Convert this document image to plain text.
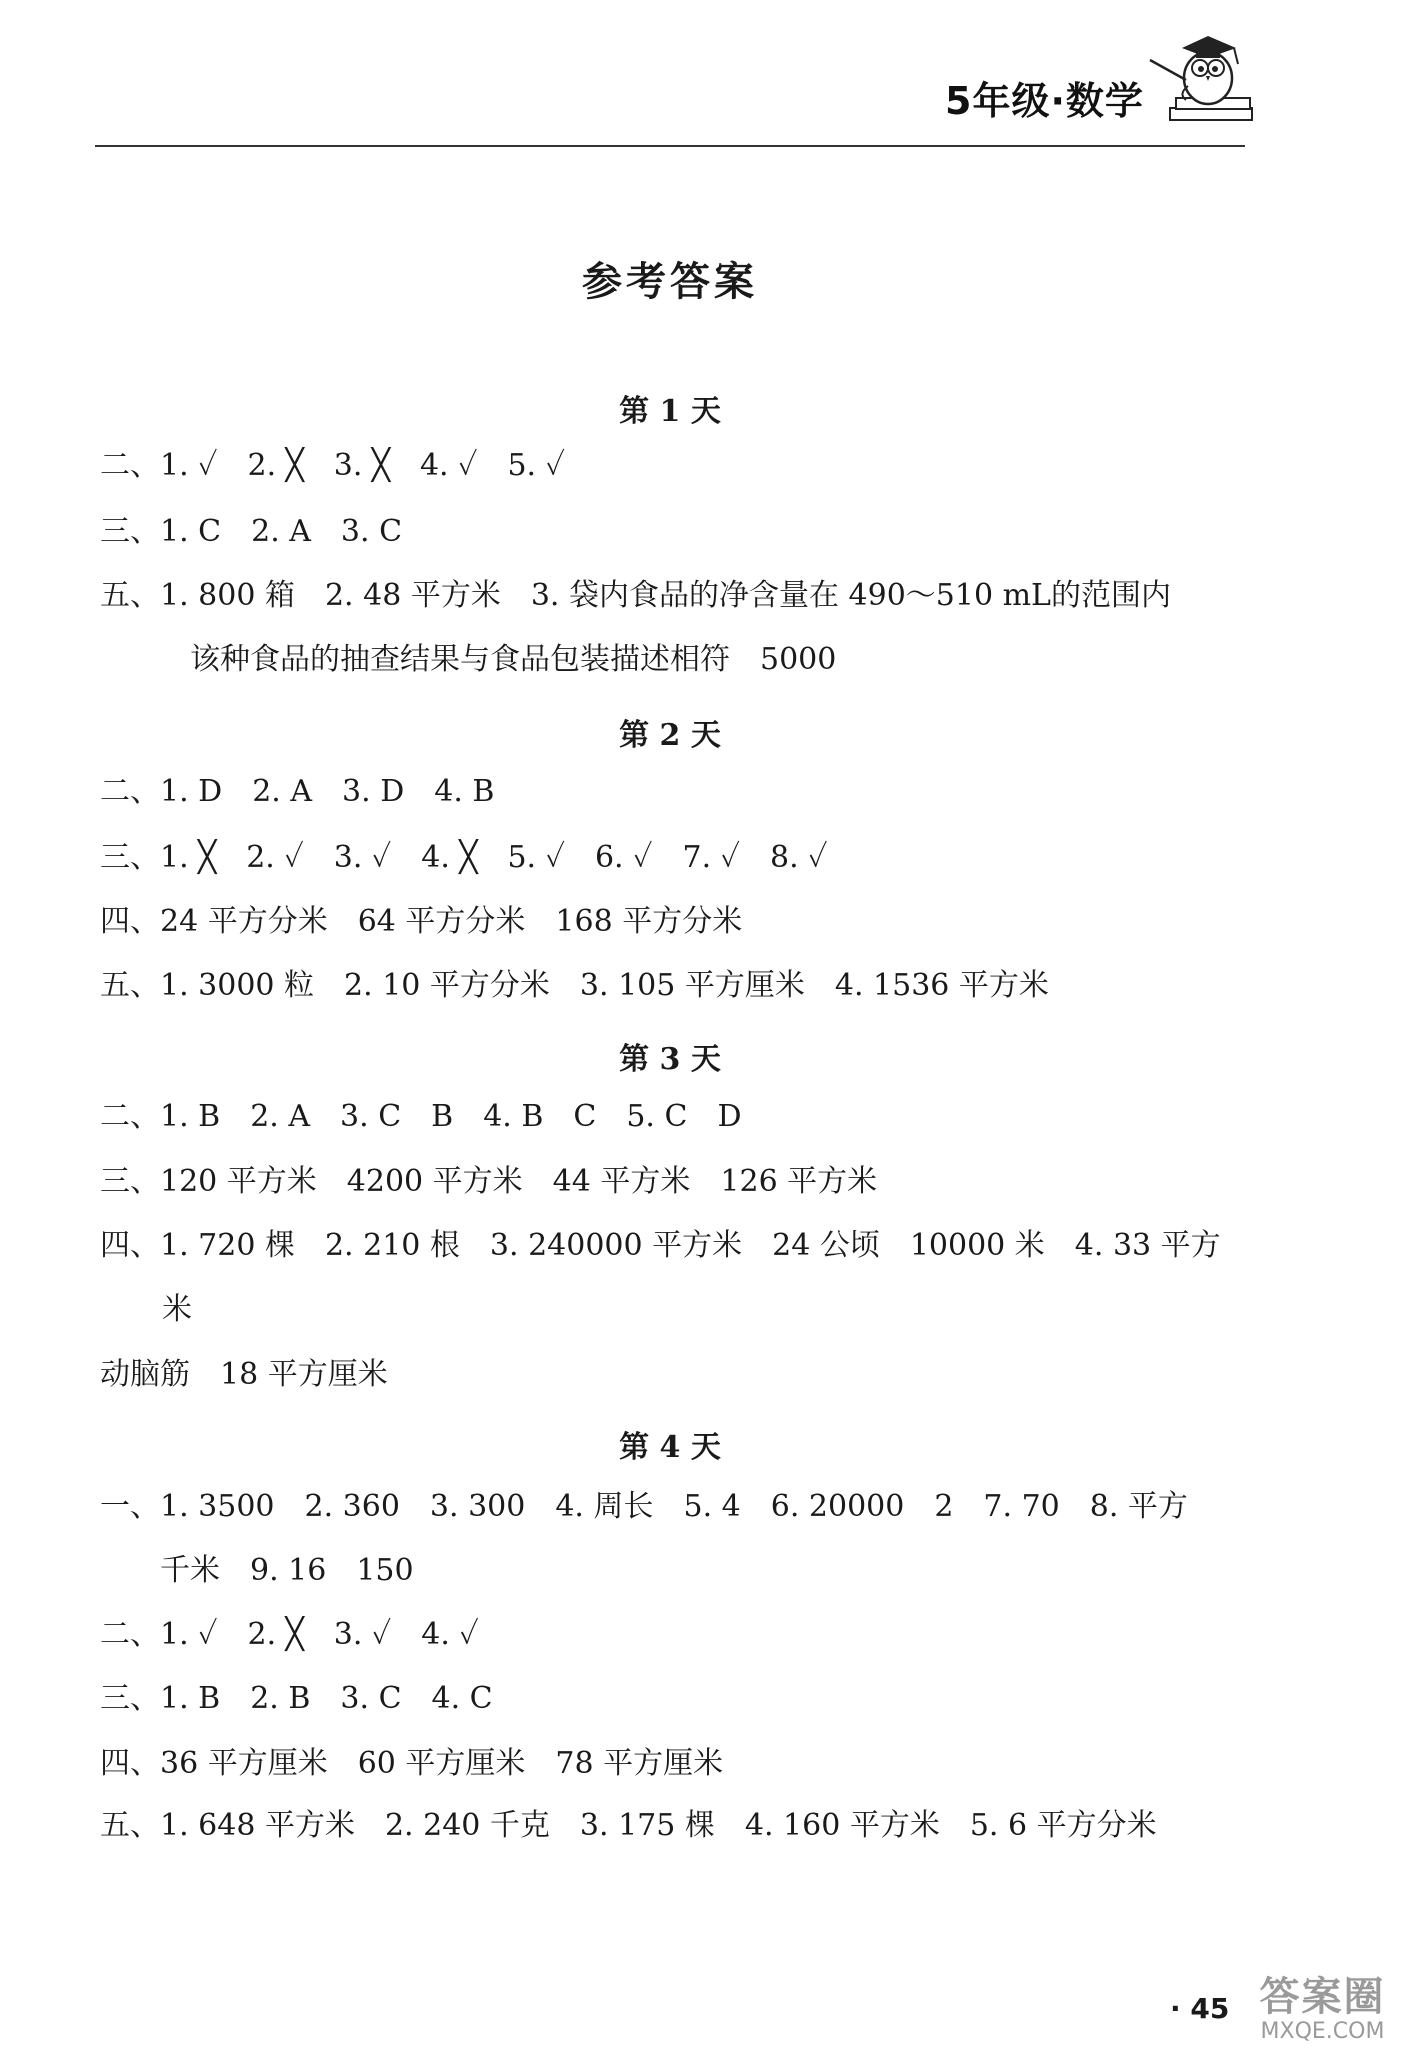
5年级·数学
参考答案
第 1 天
二、1. ✓　2. ╳　3. ╳　4. ✓　5. ✓
三、1. C　2. A　3. C
五、1. 800 箱　2. 48 平方米　3. 袋内食品的净含量在 490～510 mL的范围内
该种食品的抽查结果与食品包装描述相符　5000
第 2 天
二、1. D　2. A　3. D　4. B
三、1. ╳　2. ✓　3. ✓　4. ╳　5. ✓　6. ✓　7. ✓　8. ✓
四、24 平方分米　64 平方分米　168 平方分米
五、1. 3000 粒　2. 10 平方分米　3. 105 平方厘米　4. 1536 平方米
第 3 天
二、1. B　2. A　3. C　B　4. B　C　5. C　D
三、120 平方米　4200 平方米　44 平方米　126 平方米
四、1. 720 棵　2. 210 根　3. 240000 平方米　24 公顷　10000 米　4. 33 平方
米
动脑筋　18 平方厘米
第 4 天
一、1. 3500　2. 360　3. 300　4. 周长　5. 4　6. 20000　2　7. 70　8. 平方
千米　9. 16　150
二、1. ✓　2. ╳　3. ✓　4. ✓
三、1. B　2. B　3. C　4. C
四、36 平方厘米　60 平方厘米　78 平方厘米
五、1. 648 平方米　2. 240 千克　3. 175 棵　4. 160 平方米　5. 6 平方分米
· 45 答案圈
MXQE.COM
